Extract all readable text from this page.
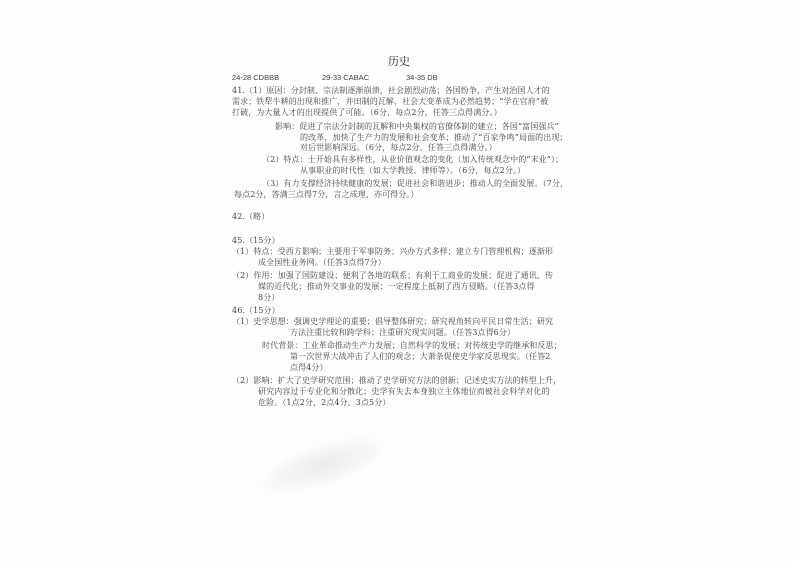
历史
24-28 CDBBB	29-33 CABAC	34-35 DB
41.（1）原因：分封制、宗法制逐渐崩溃，社会剧烈动荡；各国纷争，产生对治国人才的
需求；铁犁牛耕的出现和推广，井田制的瓦解，社会大变革成为必然趋势；“学在官府”被
打破，为大量人才的出现提供了可能。（6分，每点2分，任答三点得满分。）
影响：促进了宗法分封制的瓦解和中央集权的官僚体制的建立；各国“富国强兵”
的改革，加快了生产力的发展和社会变革；推动了“百家争鸣”局面的出现；
对后世影响深远。（6分，每点2分，任答三点得满分。）
（2）特点：士开始具有多样性，从业价值观念的变化（加入传统观念中的“末业”）；
从事职业的时代性（如大学教授、律师等）。（6分，每点2分。）
（3）有力支撑经济持续健康的发展；促进社会和谐进步；推动人的全面发展。（7分，
每点2分，答满三点得7分，言之成理，亦可得分。）
42.（略）
45.（15分）
（1）特点：受西方影响；主要用于军事防务；兴办方式多样；建立专门管理机构；逐渐形
成全国性业务网。（任答3点得7分）
（2）作用：加强了国防建设；便利了各地的联系；有利于工商业的发展；促进了通讯、传
媒的近代化；推动外交事业的发展；一定程度上抵制了西方侵略。（任答3点得
8分）
46.（15分）
（1）史学思想：强调史学理论的重要；倡导整体研究；研究视角转向平民日常生活；研究
方法注重比较和跨学科；注重研究现实问题。（任答3点得6分）
时代背景：工业革命推动生产力发展；自然科学的发展；对传统史学的继承和反思；
第一次世界大战冲击了人们的观念；大萧条促使史学家反思现实。（任答2
点得4分）
（2）影响：扩大了史学研究范围；推动了史学研究方法的创新；记述史实方法的转型上升，
研究内容过于专业化和分散化；史学有失去本身独立主体地位而被社会科学对化的
危险。（1点2分，2点4分，3点5分）
